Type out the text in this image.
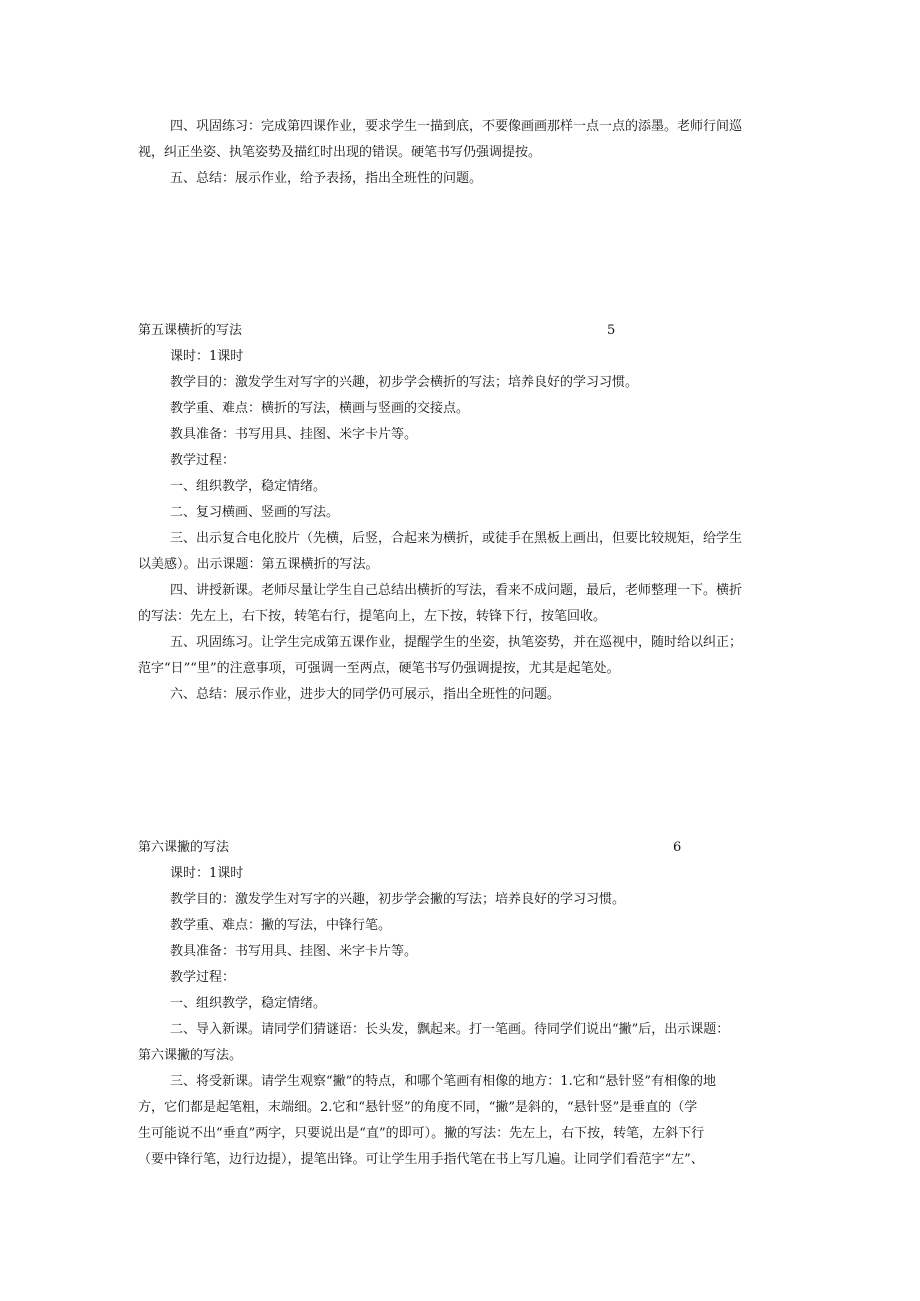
四、巩固练习：完成第四课作业，要求学生一描到底，不要像画画那样一点一点的添墨。老师行间巡
视，纠正坐姿、执笔姿势及描红时出现的错误。硬笔书写仍强调提按。
五、总结：展示作业，给予表扬，指出全班性的问题。
第五课横折的写法	5
课时：1课时
教学目的：激发学生对写字的兴趣，初步学会横折的写法；培养良好的学习习惯。
教学重、难点：横折的写法，横画与竖画的交接点。
教具准备：书写用具、挂图、米字卡片等。
教学过程：
一、组织教学，稳定情绪。
二、复习横画、竖画的写法。
三、出示复合电化胶片（先横，后竖，合起来为横折，或徒手在黑板上画出，但要比较规矩，给学生
以美感）。出示课题：第五课横折的写法。
四、讲授新课。老师尽量让学生自己总结出横折的写法，看来不成问题，最后，老师整理一下。横折
的写法：先左上，右下按，转笔右行，提笔向上，左下按，转锋下行，按笔回收。
五、巩固练习。让学生完成第五课作业，提醒学生的坐姿，执笔姿势，并在巡视中，随时给以纠正；
范字“日”“里”的注意事项，可强调一至两点，硬笔书写仍强调提按，尤其是起笔处。
六、总结：展示作业，进步大的同学仍可展示，指出全班性的问题。
第六课撇的写法	6
课时：1课时
教学目的：激发学生对写字的兴趣，初步学会撇的写法；培养良好的学习习惯。
教学重、难点：撇的写法，中锋行笔。
教具准备：书写用具、挂图、米字卡片等。
教学过程：
一、组织教学，稳定情绪。
二、导入新课。请同学们猜谜语：长头发，飘起来。打一笔画。待同学们说出“撇”后，出示课题：
第六课撇的写法。
三、将受新课。请学生观察“撇”的特点，和哪个笔画有相像的地方：1.它和“悬针竖”有相像的地
方，它们都是起笔粗，末端细。2.它和“悬针竖”的角度不同，“撇”是斜的，“悬针竖”是垂直的（学
生可能说不出“垂直”两字，只要说出是“直”的即可）。撇的写法：先左上，右下按，转笔，左斜下行
（要中锋行笔，边行边提），提笔出锋。可让学生用手指代笔在书上写几遍。让同学们看范字“左”、
